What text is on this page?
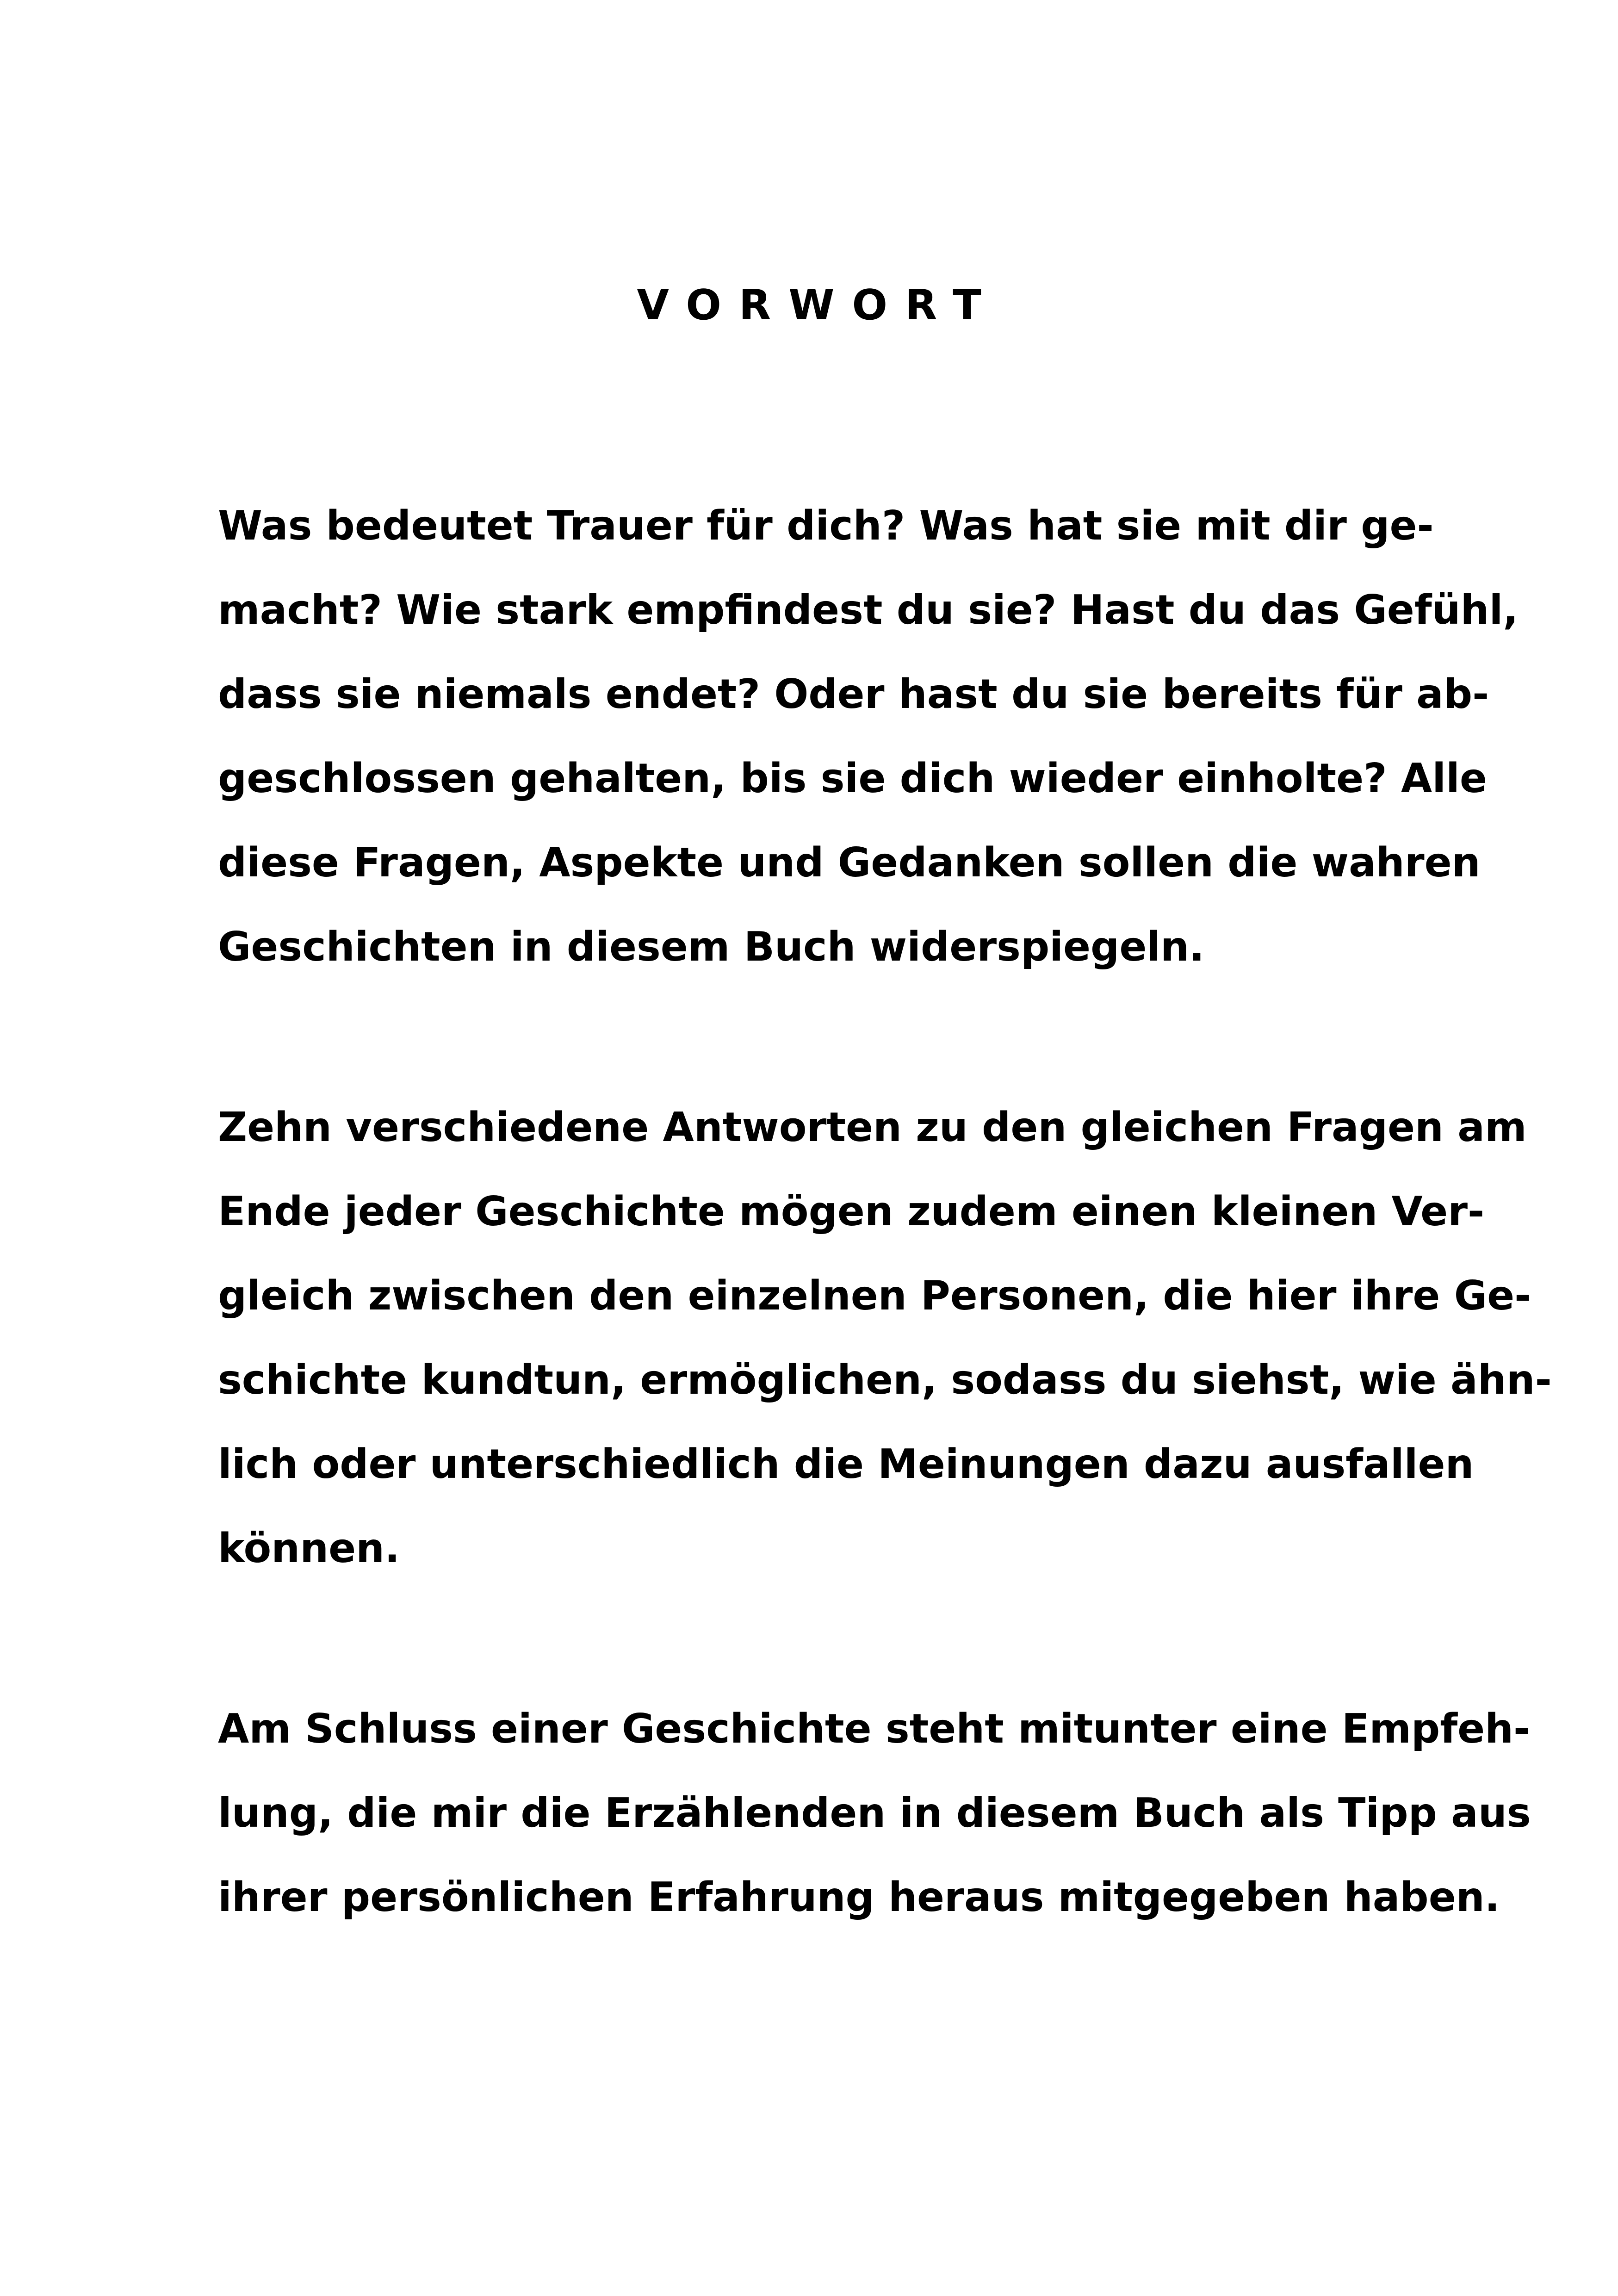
VORWORT

Was bedeutet Trauer für dich? Was hat sie mit dir ge-
macht? Wie stark empfindest du sie? Hast du das Gefühl,
dass sie niemals endet? Oder hast du sie bereits für ab-
geschlossen gehalten, bis sie dich wieder einholte? Alle
diese Fragen, Aspekte und Gedanken sollen die wahren
Geschichten in diesem Buch widerspiegeln.

Zehn verschiedene Antworten zu den gleichen Fragen am
Ende jeder Geschichte mögen zudem einen kleinen Ver-
gleich zwischen den einzelnen Personen, die hier ihre Ge-
schichte kundtun, ermöglichen, sodass du siehst, wie ähn-
lich oder unterschiedlich die Meinungen dazu ausfallen
können.

Am Schluss einer Geschichte steht mitunter eine Empfeh-
lung, die mir die Erzählenden in diesem Buch als Tipp aus
ihrer persönlichen Erfahrung heraus mitgegeben haben.
